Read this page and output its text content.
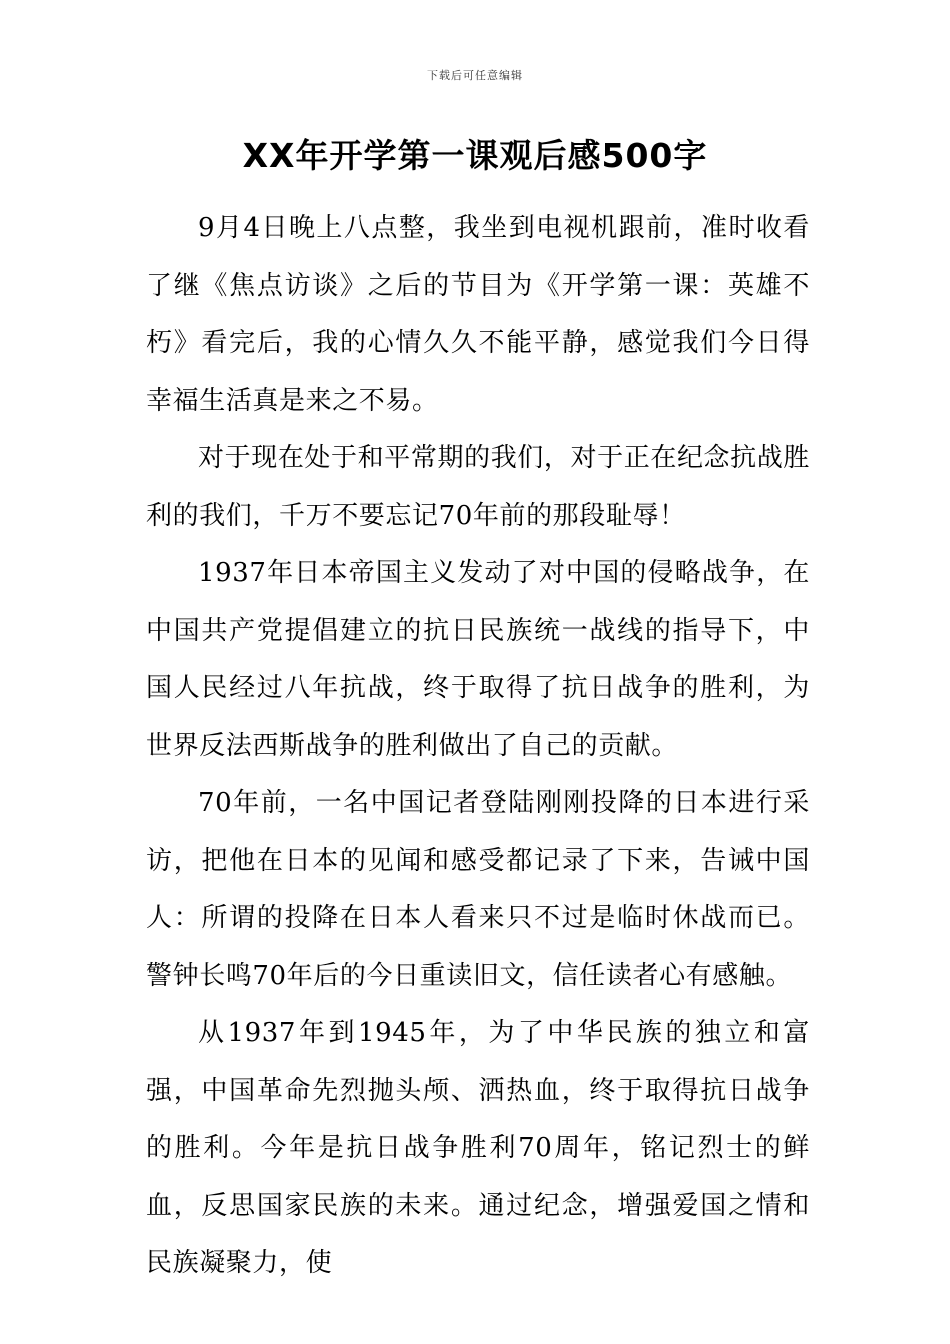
下载后可任意编辑
XX年开学第一课观后感500字

9月4日晚上八点整，我坐到电视机跟前，准时收看了继《焦点访谈》之后的节目为《开学第一课：英雄不朽》看完后，我的心情久久不能平静，感觉我们今日得幸福生活真是来之不易。

对于现在处于和平常期的我们，对于正在纪念抗战胜利的我们，千万不要忘记70年前的那段耻辱！

1937年日本帝国主义发动了对中国的侵略战争，在中国共产党提倡建立的抗日民族统一战线的指导下，中国人民经过八年抗战，终于取得了抗日战争的胜利，为世界反法西斯战争的胜利做出了自己的贡献。

70年前，一名中国记者登陆刚刚投降的日本进行采访，把他在日本的见闻和感受都记录了下来，告诫中国人：所谓的投降在日本人看来只不过是临时休战而已。警钟长鸣70年后的今日重读旧文，信任读者心有感触。

从1937年到1945年，为了中华民族的独立和富强，中国革命先烈抛头颅、洒热血，终于取得抗日战争的胜利。今年是抗日战争胜利70周年，铭记烈士的鲜血，反思国家民族的未来。通过纪念，增强爱国之情和民族凝聚力，使
